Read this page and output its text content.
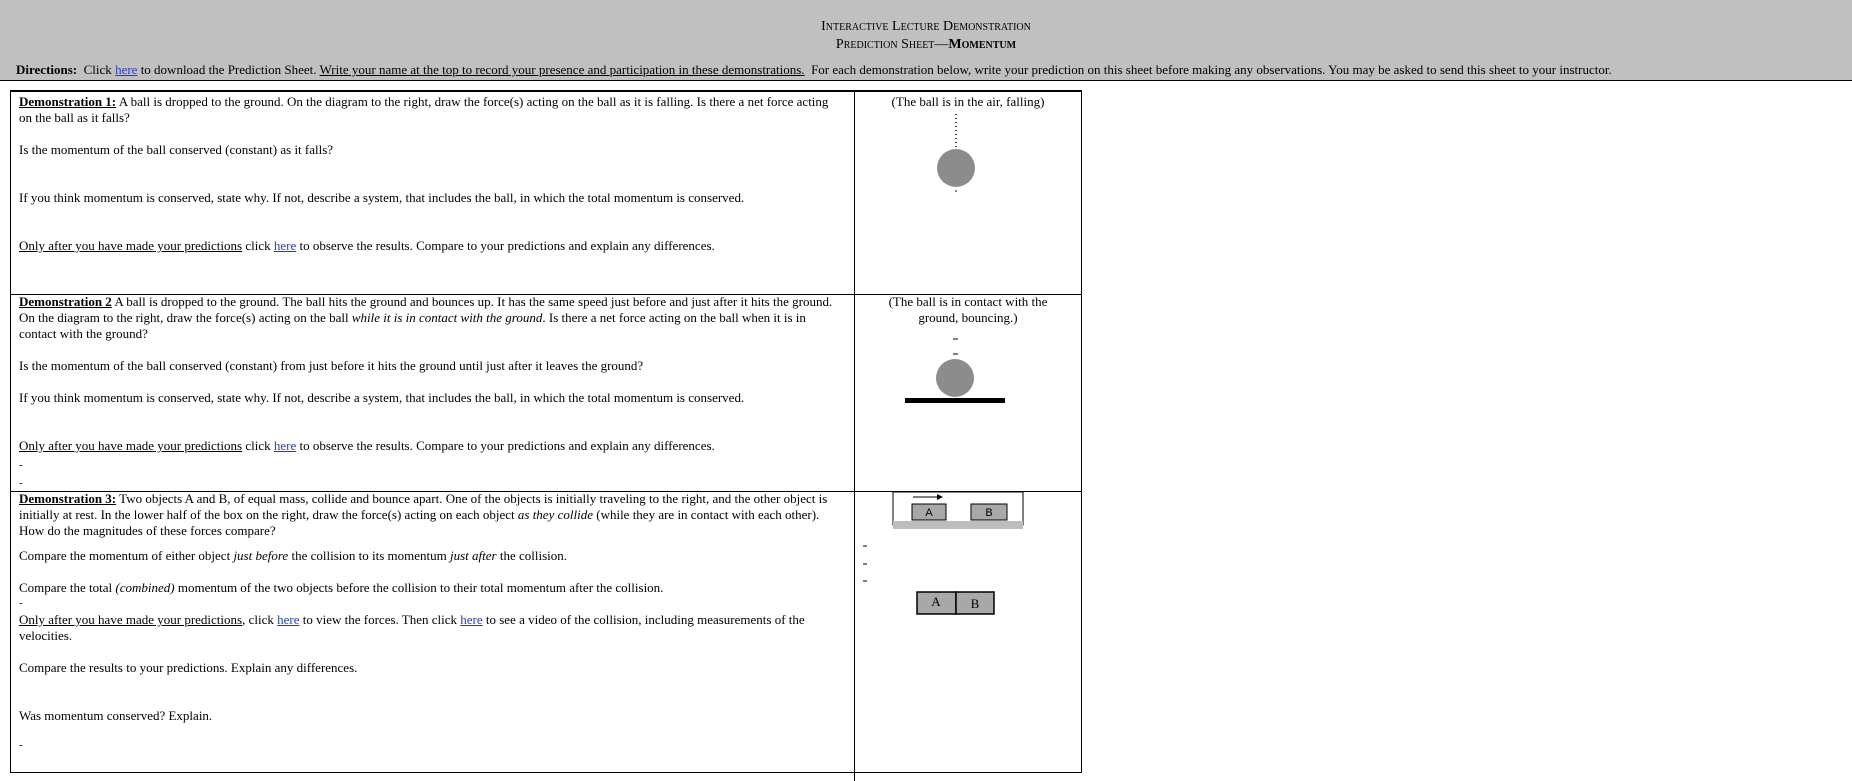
Interactive Lecture Demonstration
Prediction Sheet—Momentum
Directions: Click here to download the Prediction Sheet. Write your name at the top to record your presence and participation in these demonstrations. For each demonstration below, write your prediction on this sheet before making any observations. You may be asked to send this sheet to your instructor.
Demonstration 1: A ball is dropped to the ground. On the diagram to the right, draw the force(s) acting on the ball as it is falling. Is there a net force acting on the ball as it falls?
Is the momentum of the ball conserved (constant) as it falls?
If you think momentum is conserved, state why. If not, describe a system, that includes the ball, in which the total momentum is conserved.
Only after you have made your predictions click here to observe the results. Compare to your predictions and explain any differences.
(The ball is in the air, falling)
Demonstration 2 A ball is dropped to the ground. The ball hits the ground and bounces up. It has the same speed just before and just after it hits the ground. On the diagram to the right, draw the force(s) acting on the ball while it is in contact with the ground. Is there a net force acting on the ball when it is in contact with the ground?
Is the momentum of the ball conserved (constant) from just before it hits the ground until just after it leaves the ground?
If you think momentum is conserved, state why. If not, describe a system, that includes the ball, in which the total momentum is conserved.
Only after you have made your predictions click here to observe the results. Compare to your predictions and explain any differences.
-
-
(The ball is in contact with the ground, bouncing.)
Demonstration 3: Two objects A and B, of equal mass, collide and bounce apart. One of the objects is initially traveling to the right, and the other object is initially at rest. In the lower half of the box on the right, draw the force(s) acting on each object as they collide (while they are in contact with each other). How do the magnitudes of these forces compare?
Compare the momentum of either object just before the collision to its momentum just after the collision.
Compare the total (combined) momentum of the two objects before the collision to their total momentum after the collision.
-
Only after you have made your predictions, click here to view the forces. Then click here to see a video of the collision, including measurements of the velocities.
Compare the results to your predictions. Explain any differences.
Was momentum conserved? Explain.
-
A	B
A B
